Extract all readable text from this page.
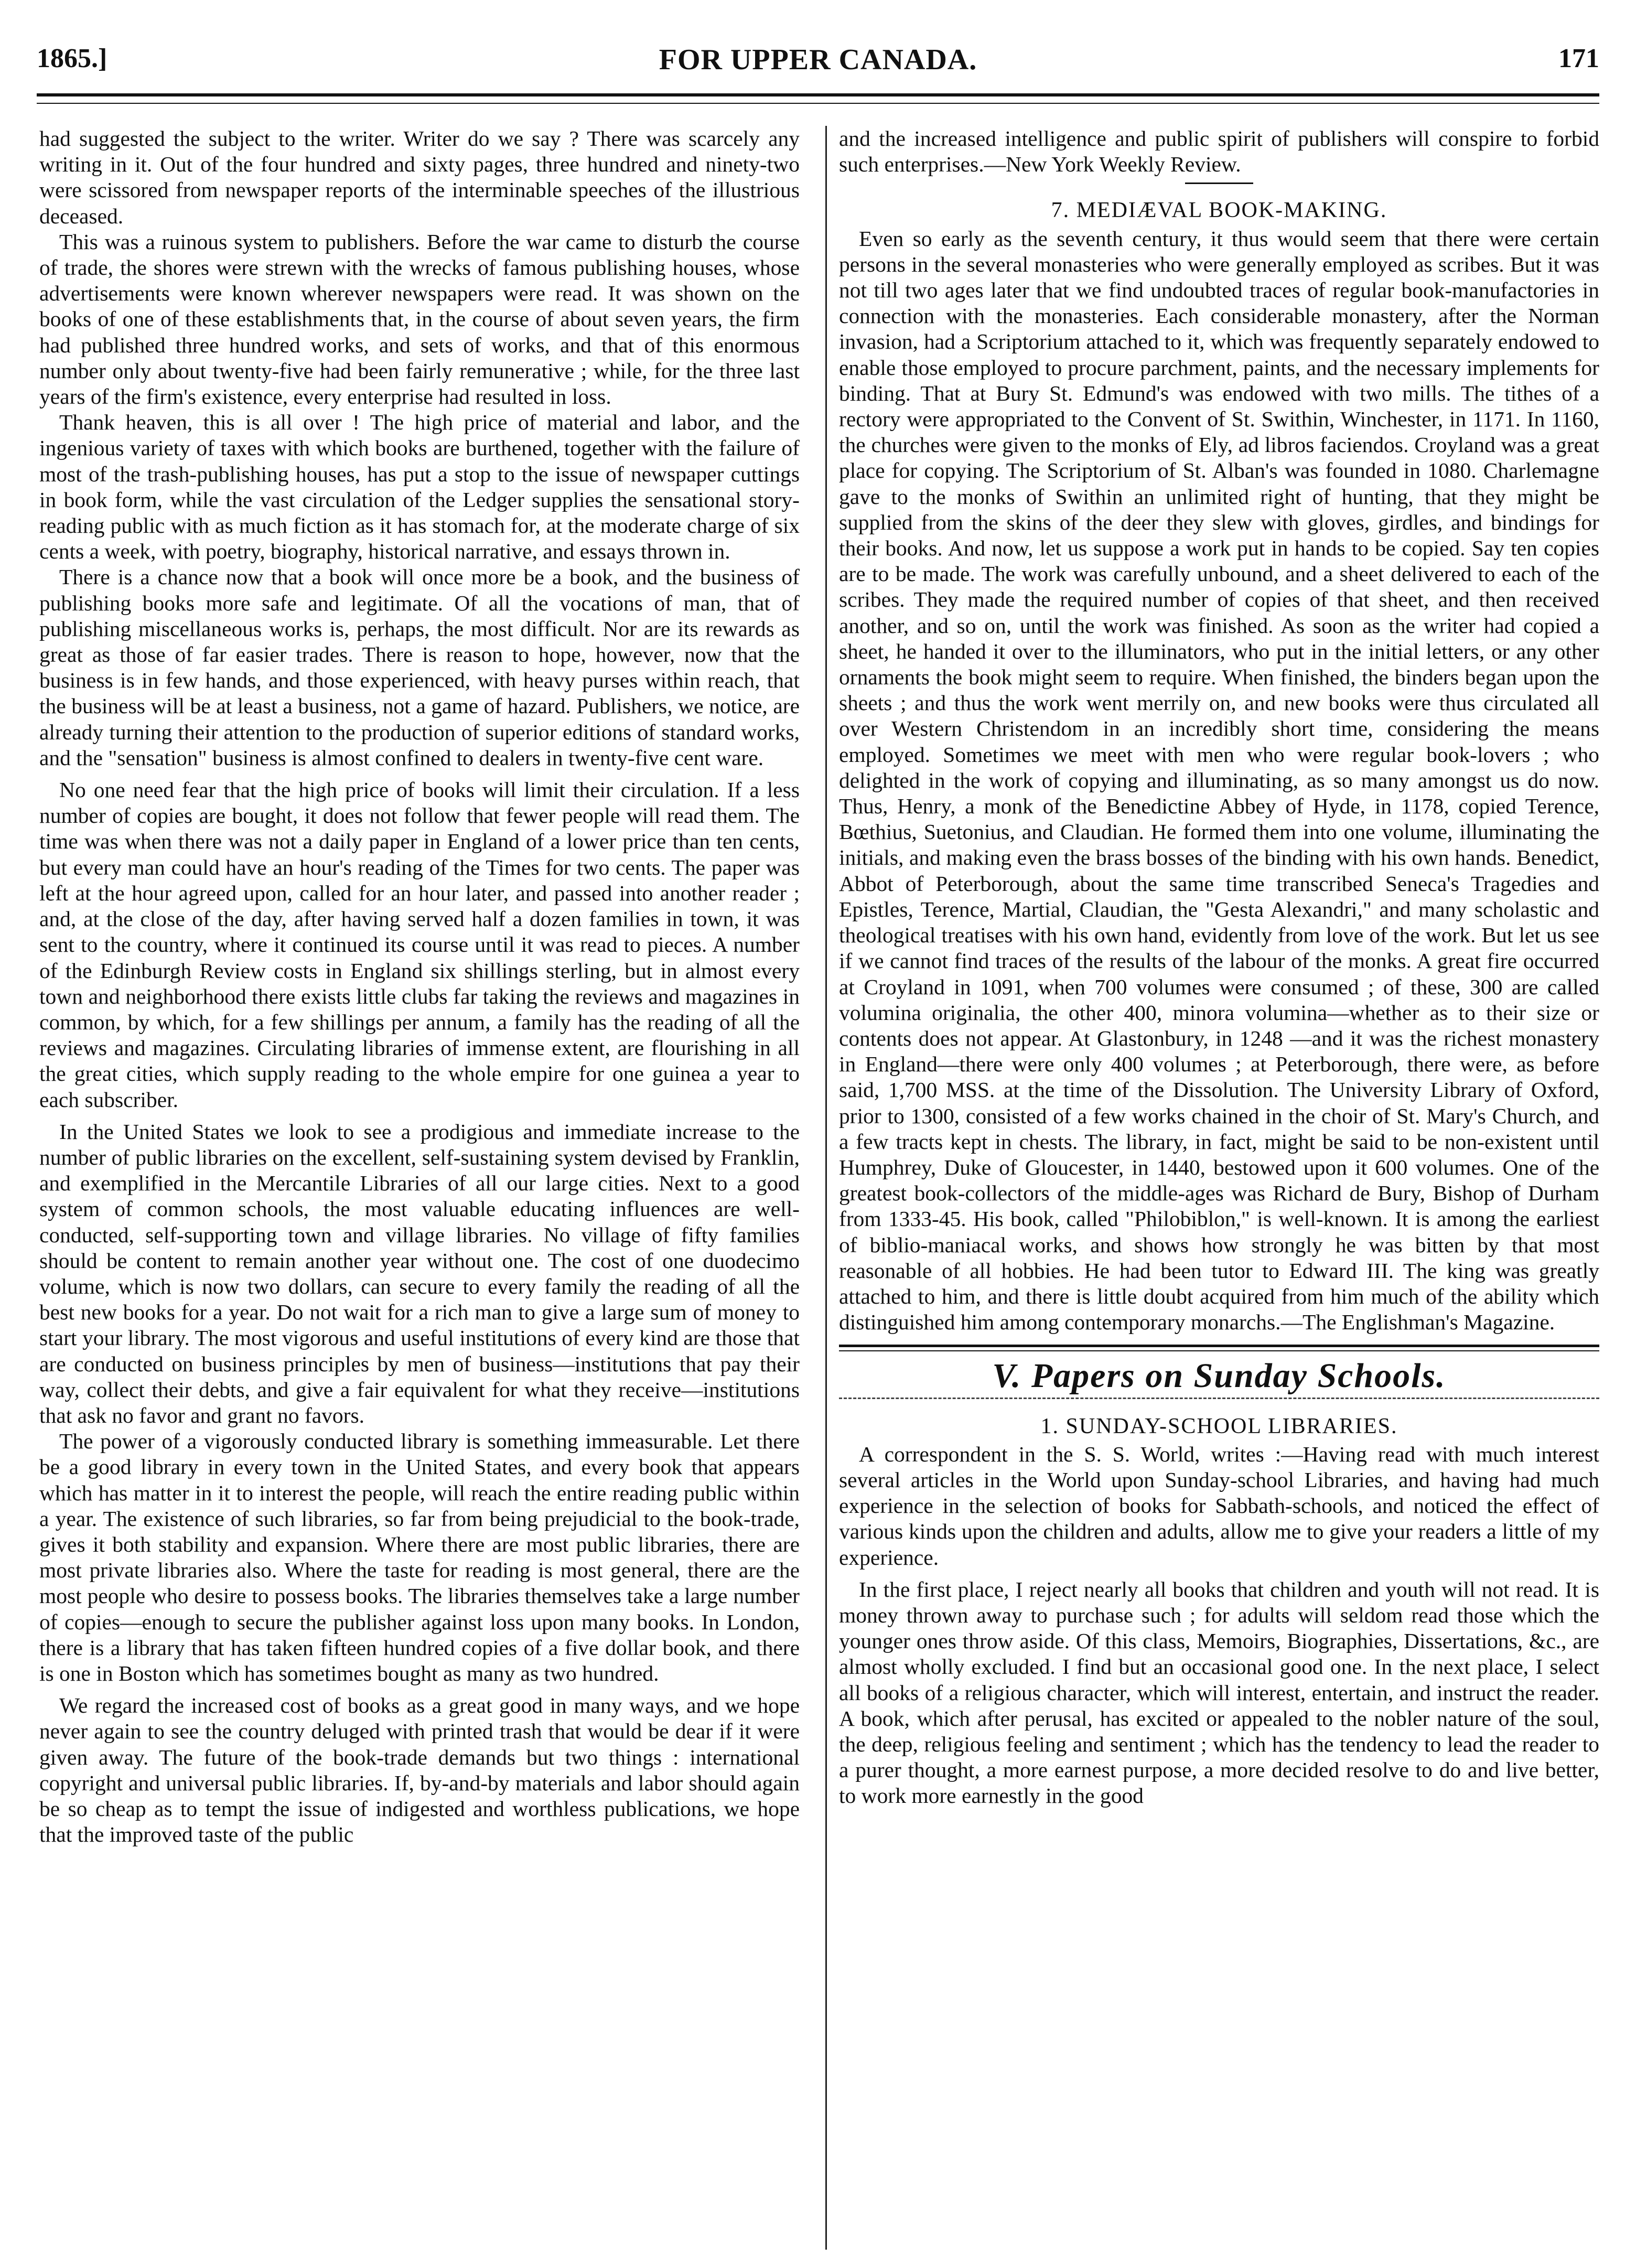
1865.]	FOR UPPER CANADA.	171

had suggested the subject to the writer. Writer do we say ? There was scarcely any writing in it. Out of the four hundred and sixty pages, three hundred and ninety-two were scissored from newspaper reports of the interminable speeches of the illustrious deceased.

This was a ruinous system to publishers. Before the war came to disturb the course of trade, the shores were strewn with the wrecks of famous publishing houses, whose advertisements were known wherever newspapers were read. It was shown on the books of one of these establishments that, in the course of about seven years, the firm had published three hundred works, and sets of works, and that of this enormous number only about twenty-five had been fairly remunerative ; while, for the three last years of the firm's existence, every enterprise had resulted in loss.

Thank heaven, this is all over ! The high price of material and labor, and the ingenious variety of taxes with which books are burthened, together with the failure of most of the trash-publishing houses, has put a stop to the issue of newspaper cuttings in book form, while the vast circulation of the Ledger supplies the sensational story-reading public with as much fiction as it has stomach for, at the moderate charge of six cents a week, with poetry, biography, historical narrative, and essays thrown in.

There is a chance now that a book will once more be a book, and the business of publishing books more safe and legitimate. Of all the vocations of man, that of publishing miscellaneous works is, perhaps, the most difficult. Nor are its rewards as great as those of far easier trades. There is reason to hope, however, now that the business is in few hands, and those experienced, with heavy purses within reach, that the business will be at least a business, not a game of hazard. Publishers, we notice, are already turning their attention to the production of superior editions of standard works, and the "sensation" business is almost confined to dealers in twenty-five cent ware.

No one need fear that the high price of books will limit their circulation. If a less number of copies are bought, it does not follow that fewer people will read them. The time was when there was not a daily paper in England of a lower price than ten cents, but every man could have an hour's reading of the Times for two cents. The paper was left at the hour agreed upon, called for an hour later, and passed into another reader ; and, at the close of the day, after having served half a dozen families in town, it was sent to the country, where it continued its course until it was read to pieces. A number of the Edinburgh Review costs in England six shillings sterling, but in almost every town and neighborhood there exists little clubs far taking the reviews and magazines in common, by which, for a few shillings per annum, a family has the reading of all the reviews and magazines. Circulating libraries of immense extent, are flourishing in all the great cities, which supply reading to the whole empire for one guinea a year to each subscriber.

In the United States we look to see a prodigious and immediate increase to the number of public libraries on the excellent, self-sustaining system devised by Franklin, and exemplified in the Mercantile Libraries of all our large cities. Next to a good system of common schools, the most valuable educating influences are well-conducted, self-supporting town and village libraries. No village of fifty families should be content to remain another year without one. The cost of one duodecimo volume, which is now two dollars, can secure to every family the reading of all the best new books for a year. Do not wait for a rich man to give a large sum of money to start your library. The most vigorous and useful institutions of every kind are those that are conducted on business principles by men of business—institutions that pay their way, collect their debts, and give a fair equivalent for what they receive—institutions that ask no favor and grant no favors.

The power of a vigorously conducted library is something immeasurable. Let there be a good library in every town in the United States, and every book that appears which has matter in it to interest the people, will reach the entire reading public within a year. The existence of such libraries, so far from being prejudicial to the book-trade, gives it both stability and expansion. Where there are most public libraries, there are most private libraries also. Where the taste for reading is most general, there are the most people who desire to possess books. The libraries themselves take a large number of copies—enough to secure the publisher against loss upon many books. In London, there is a library that has taken fifteen hundred copies of a five dollar book, and there is one in Boston which has sometimes bought as many as two hundred.

We regard the increased cost of books as a great good in many ways, and we hope never again to see the country deluged with printed trash that would be dear if it were given away. The future of the book-trade demands but two things : international copyright and universal public libraries. If, by-and-by materials and labor should again be so cheap as to tempt the issue of indigested and worthless publications, we hope that the improved taste of the public

and the increased intelligence and public spirit of publishers will conspire to forbid such enterprises.—New York Weekly Review.

7. MEDIÆVAL BOOK-MAKING.

Even so early as the seventh century, it thus would seem that there were certain persons in the several monasteries who were generally employed as scribes. But it was not till two ages later that we find undoubted traces of regular book-manufactories in connection with the monasteries. Each considerable monastery, after the Norman invasion, had a Scriptorium attached to it, which was frequently separately endowed to enable those employed to procure parchment, paints, and the necessary implements for binding. That at Bury St. Edmund's was endowed with two mills. The tithes of a rectory were appropriated to the Convent of St. Swithin, Winchester, in 1171. In 1160, the churches were given to the monks of Ely, ad libros faciendos. Croyland was a great place for copying. The Scriptorium of St. Alban's was founded in 1080. Charlemagne gave to the monks of Swithin an unlimited right of hunting, that they might be supplied from the skins of the deer they slew with gloves, girdles, and bindings for their books. And now, let us suppose a work put in hands to be copied. Say ten copies are to be made. The work was carefully unbound, and a sheet delivered to each of the scribes. They made the required number of copies of that sheet, and then received another, and so on, until the work was finished. As soon as the writer had copied a sheet, he handed it over to the illuminators, who put in the initial letters, or any other ornaments the book might seem to require. When finished, the binders began upon the sheets ; and thus the work went merrily on, and new books were thus circulated all over Western Christendom in an incredibly short time, considering the means employed. Sometimes we meet with men who were regular book-lovers ; who delighted in the work of copying and illuminating, as so many amongst us do now. Thus, Henry, a monk of the Benedictine Abbey of Hyde, in 1178, copied Terence, Bœthius, Suetonius, and Claudian. He formed them into one volume, illuminating the initials, and making even the brass bosses of the binding with his own hands. Benedict, Abbot of Peterborough, about the same time transcribed Seneca's Tragedies and Epistles, Terence, Martial, Claudian, the "Gesta Alexandri," and many scholastic and theological treatises with his own hand, evidently from love of the work. But let us see if we cannot find traces of the results of the labour of the monks. A great fire occurred at Croyland in 1091, when 700 volumes were consumed ; of these, 300 are called volumina originalia, the other 400, minora volumina—whether as to their size or contents does not appear. At Glastonbury, in 1248 —and it was the richest monastery in England—there were only 400 volumes ; at Peterborough, there were, as before said, 1,700 MSS. at the time of the Dissolution. The University Library of Oxford, prior to 1300, consisted of a few works chained in the choir of St. Mary's Church, and a few tracts kept in chests. The library, in fact, might be said to be non-existent until Humphrey, Duke of Gloucester, in 1440, bestowed upon it 600 volumes. One of the greatest book-collectors of the middle-ages was Richard de Bury, Bishop of Durham from 1333-45. His book, called "Philobiblon," is well-known. It is among the earliest of biblio-maniacal works, and shows how strongly he was bitten by that most reasonable of all hobbies. He had been tutor to Edward III. The king was greatly attached to him, and there is little doubt acquired from him much of the ability which distinguished him among contemporary monarchs.—The Englishman's Magazine.

V. Papers on Sunday Schools.
1. SUNDAY-SCHOOL LIBRARIES.

A correspondent in the S. S. World, writes :—Having read with much interest several articles in the World upon Sunday-school Libraries, and having had much experience in the selection of books for Sabbath-schools, and noticed the effect of various kinds upon the children and adults, allow me to give your readers a little of my experience.

In the first place, I reject nearly all books that children and youth will not read. It is money thrown away to purchase such ; for adults will seldom read those which the younger ones throw aside. Of this class, Memoirs, Biographies, Dissertations, &c., are almost wholly excluded. I find but an occasional good one. In the next place, I select all books of a religious character, which will interest, entertain, and instruct the reader. A book, which after perusal, has excited or appealed to the nobler nature of the soul, the deep, religious feeling and sentiment ; which has the tendency to lead the reader to a purer thought, a more earnest purpose, a more decided resolve to do and live better, to work more earnestly in the good
